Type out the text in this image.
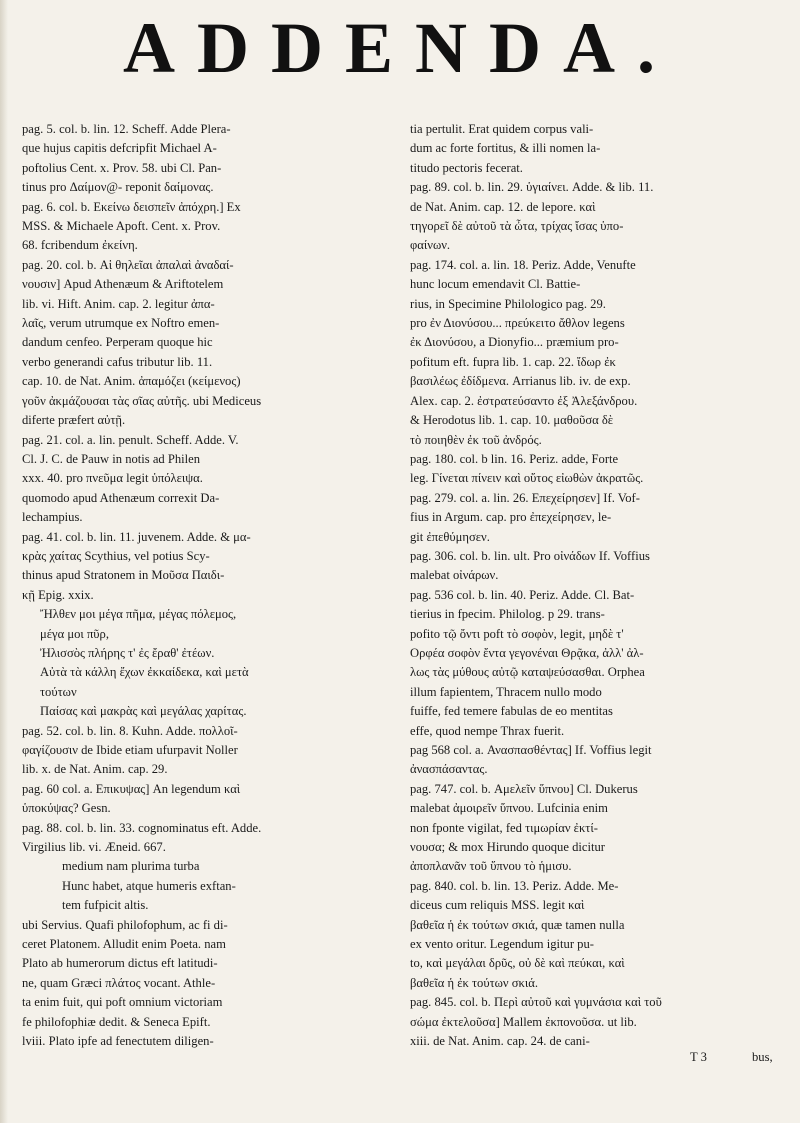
ADDENDA.
pag. 5. col. b. lin. 12. Scheff. Adde Plera-
que hujus capitis defcripfit Michael A-
poftolius Cent. x. Prov. 58. ubi Cl. Pan-
tinus pro Δαίμον@- reponit δαίμονας.
pag. 6. col. b. Εκείνω δεισπεῖν ἀπόχρη.] Ex
MSS. & Michaele Apoft. Cent. x. Prov.
68. fcribendum ἐκείνη.
pag. 20. col. b. Αἱ θηλεῖαι ἀπαλαὶ ἀναδαί-
νουσιν] Apud Athenæum & Ariftotelem
lib. vi. Hift. Anim. cap. 2. legitur ἀπα-
λαῖς, verum utrumque ex Noftro emen-
dandum cenfeo. Perperam quoque hic
verbo generandi cafus tributur lib. 11.
cap. 10. de Nat. Anim. ἀπαμόζει (κείμενος)
γοῦν ἀκμάζουσαι τὰς σῖας αὐτῆς. ubi Mediceus
diferte præfert αὐτῇ.
pag. 21. col. a. lin. penult. Scheff. Adde. V.
Cl. J. C. de Pauw in notis ad Philen
xxx. 40. pro πνεῦμα legit ὑπόλειψα.
quomodo apud Athenæum correxit Da-
lechampius.
pag. 41. col. b. lin. 11. juvenem. Adde. & μα-
κρὰς χαίτας Scythius, vel potius Scy-
thinus apud Stratonem in Μοῦσα Παιδι-
κῇ Epig. xxix.
Ἤλθεν μοι μέγα πῆμα, μέγας πόλεμος,
μέγα μοι πῦρ,
Ἠλισσὸς πλήρης τ' ἐς ἔραθ' ἐτέων.
Αὐτὰ τὰ κάλλη ἔχων ἐκκαίδεκα, καὶ μετὰ
τούτων
Παίσας καὶ μακρὰς καὶ μεγάλας χαρίτας.
pag. 52. col. b. lin. 8. Kuhn. Adde. πολλοῖ-
φαγίζουσιν de Ibide etiam ufurpavit Noller
lib. x. de Nat. Anim. cap. 29.
pag. 60 col. a. Επικυψας] An legendum καὶ
ὑποκύψας? Gesn.
pag. 88. col. b. lin. 33. cognominatus eft. Adde.
Virgilius lib. vi. Æneid. 667.
medium nam plurima turba
Hunc habet, atque humeris exftan-
tem fufpicit altis.
ubi Servius. Quafi philofophum, ac fi di-
ceret Platonem. Alludit enim Poeta. nam
Plato ab humerorum dictus eft latitudi-
ne, quam Græci πλάτος vocant. Athle-
ta enim fuit, qui poft omnium victoriam
fe philofophiæ dedit. & Seneca Epift.
lviii. Plato ipfe ad fenectutem diligen-
tia pertulit. Erat quidem corpus vali-
dum ac forte fortitus, & illi nomen la-
titudo pectoris fecerat.
pag. 89. col. b. lin. 29. ὑγιαίνει. Adde. & lib. 11.
de Nat. Anim. cap. 12. de lepore. καὶ
τηγορεῖ δὲ αὐτοῦ τὰ ὦτα, τρίχας ἴσας ὑπο-
φαίνων.
pag. 174. col. a. lin. 18. Periz. Adde, Venufte
hunc locum emendavit Cl. Battie-
rius, in Specimine Philologico pag. 29.
pro ἐν Διονύσου... πρεύκειτο ἄθλον legens
ἐκ Διονύσου, a Dionyfio... præmium pro-
pofitum eft. fupra lib. 1. cap. 22. ἴδωρ ἐκ
βασιλέως ἐδίδμενα. Arrianus lib. iv. de exp.
Alex. cap. 2. ἐστρατεύσαντο ἐξ Ἀλεξάνδρου.
& Herodotus lib. 1. cap. 10. μαθοῦσα δὲ
τὸ ποιηθὲν ἐκ τοῦ ἀνδρός.
pag. 180. col. b lin. 16. Periz. adde, Forte
leg. Γίνεται πίνειν καὶ οὕτος εἰωθὼν ἀκρατῶς.
pag. 279. col. a. lin. 26. Επεχείρησεν] If. Vof-
fius in Argum. cap. pro ἐπεχείρησεν, le-
git ἐπεθύμησεν.
pag. 306. col. b. lin. ult. Pro οἰνάδων If. Voffius
malebat οἰνάρων.
pag. 536 col. b. lin. 40. Periz. Adde. Cl. Bat-
tierius in fpecim. Philolog. p 29. trans-
pofito τῷ ὄντι poft τὸ σοφὸν, legit, μηδὲ τ'
Ορφέα σοφὸν ἔντα γεγονέναι Θρᾷκα, ἀλλ' ἀλ-
λως τὰς μύθους αὐτῷ καταψεύσασθαι. Orphea
illum fapientem, Thracem nullo modo
fuiffe, fed temere fabulas de eo mentitas
effe, quod nempe Thrax fuerit.
pag 568 col. a. Ανασπασθέντας] If. Voffius legit
ἀνασπάσαντας.
pag. 747. col. b. Αμελεῖν ὕπνου] Cl. Dukerus
malebat ἀμοιρεῖν ὕπνου. Lufcinia enim
non fponte vigilat, fed τιμωρίαν ἐκτί-
νουσα; & mox Hirundo quoque dicitur
ἀποπλανᾶν τοῦ ὕπνου τὸ ἡμισυ.
pag. 840. col. b. lin. 13. Periz. Adde. Me-
diceus cum reliquis MSS. legit καὶ
βαθεῖα ἡ ἐκ τούτων σκιά, quæ tamen nulla
ex vento oritur. Legendum igitur pu-
to, καὶ μεγάλαι δρῦς, οὐ δὲ καὶ πεύκαι, καὶ
βαθεῖα ἡ ἐκ τούτων σκιά.
pag. 845. col. b. Περὶ αὐτοῦ καὶ γυμνάσια καὶ τοῦ
σώμα ἐκτελοῦσα] Mallem ἐκπονοῦσα. ut lib.
xiii. de Nat. Anim. cap. 24. de cani-
T 3	bus,
